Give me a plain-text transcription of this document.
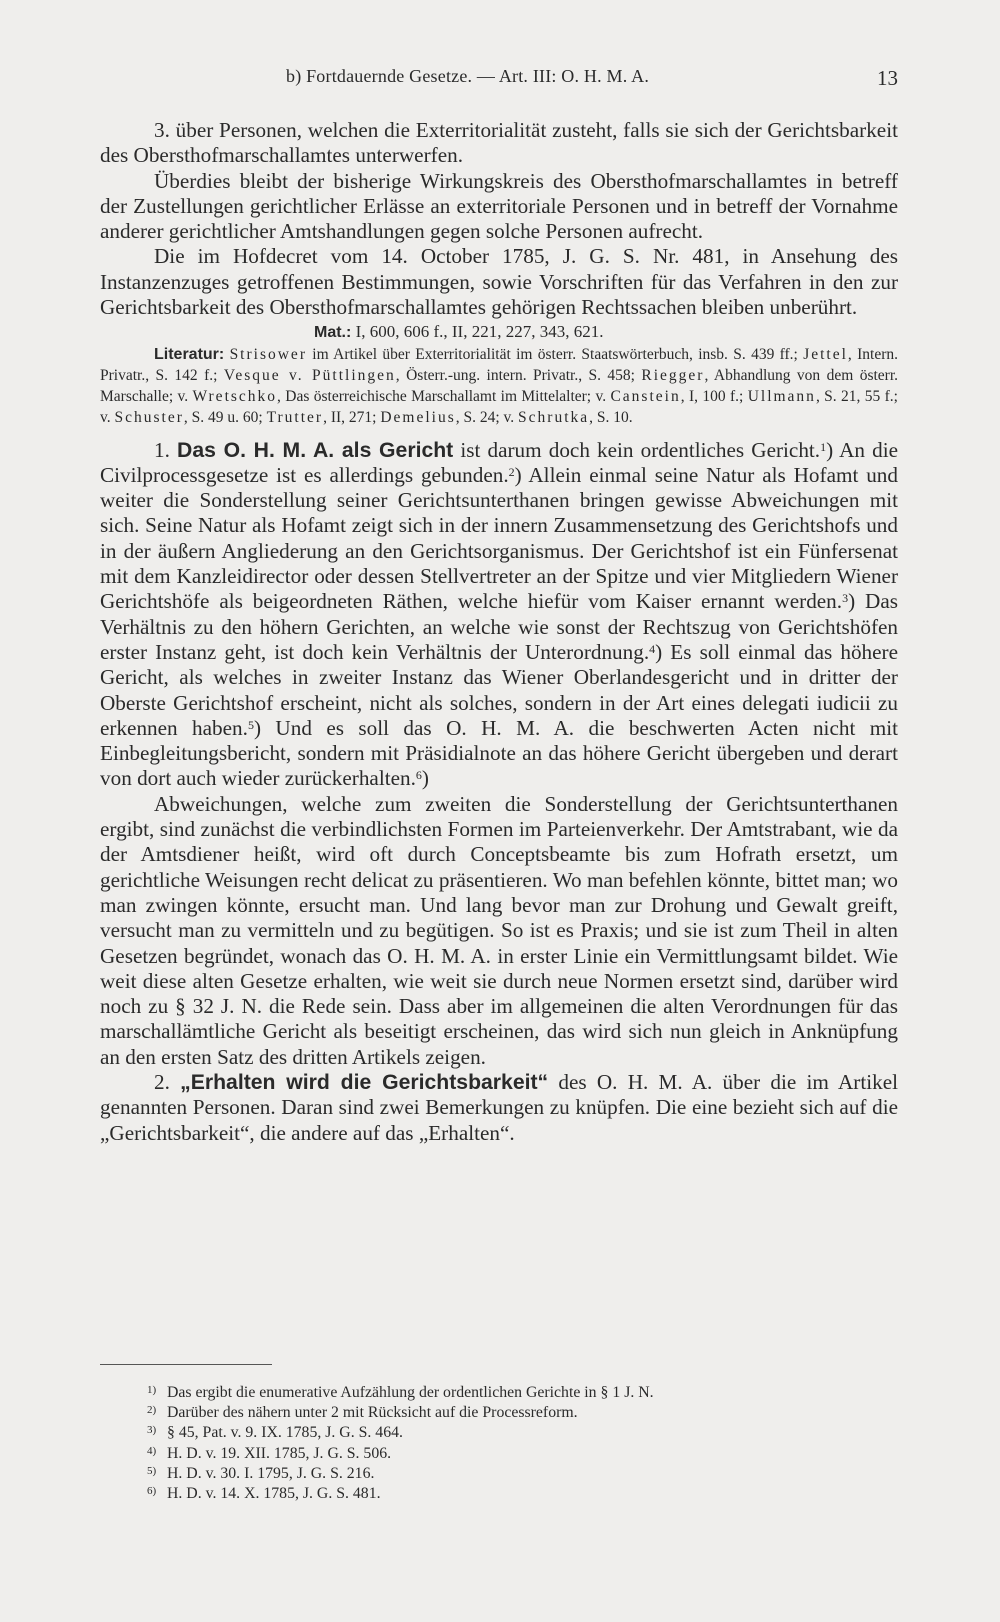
b) Fortdauernde Gesetze. — Art. III: O. H. M. A.	13

3. über Personen, welchen die Exterritorialität zusteht, falls sie sich der Gerichtsbarkeit des Obersthofmarschallamtes unterwerfen.

Überdies bleibt der bisherige Wirkungskreis des Obersthofmarschallamtes in betreff der Zustellungen gerichtlicher Erlässe an exterritoriale Personen und in betreff der Vornahme anderer gerichtlicher Amtshandlungen gegen solche Personen aufrecht.

Die im Hofdecret vom 14. October 1785, J. G. S. Nr. 481, in Ansehung des Instanzenzuges getroffenen Bestimmungen, sowie Vorschriften für das Verfahren in den zur Gerichtsbarkeit des Obersthofmarschallamtes gehörigen Rechtssachen bleiben unberührt.

Mat.: I, 600, 606 f., II, 221, 227, 343, 621.

Literatur: Strisower im Artikel über Exterritorialität im österr. Staatswörterbuch, insb. S. 439 ff.; Jettel, Intern. Privatr., S. 142 f.; Vesque v. Püttlingen, Österr.-ung. intern. Privatr., S. 458; Riegger, Abhandlung von dem österr. Marschalle; v. Wretschko, Das österreichische Marschallamt im Mittelalter; v. Canstein, I, 100 f.; Ullmann, S. 21, 55 f.; v. Schuster, S. 49 u. 60; Trutter, II, 271; Demelius, S. 24; v. Schrutka, S. 10.

1. Das O. H. M. A. als Gericht ist darum doch kein ordentliches Gericht.$^1$) An die Civilprocessgesetze ist es allerdings gebunden.$^2$) Allein einmal seine Natur als Hofamt und weiter die Sonderstellung seiner Gerichtsunterthanen bringen gewisse Abweichungen mit sich. Seine Natur als Hofamt zeigt sich in der innern Zusammensetzung des Gerichtshofs und in der äußern Angliederung an den Gerichtsorganismus. Der Gerichtshof ist ein Fünfersenat mit dem Kanzleidirector oder dessen Stellvertreter an der Spitze und vier Mitgliedern Wiener Gerichtshöfe als beigeordneten Räthen, welche hiefür vom Kaiser ernannt werden.$^3$) Das Verhältnis zu den höhern Gerichten, an welche wie sonst der Rechtszug von Gerichtshöfen erster Instanz geht, ist doch kein Verhältnis der Unterordnung.$^4$) Es soll einmal das höhere Gericht, als welches in zweiter Instanz das Wiener Oberlandesgericht und in dritter der Oberste Gerichtshof erscheint, nicht als solches, sondern in der Art eines delegati iudicii zu erkennen haben.$^5$) Und es soll das O. H. M. A. die beschwerten Acten nicht mit Einbegleitungsbericht, sondern mit Präsidialnote an das höhere Gericht übergeben und derart von dort auch wieder zurückerhalten.$^6$)

Abweichungen, welche zum zweiten die Sonderstellung der Gerichtsunterthanen ergibt, sind zunächst die verbindlichsten Formen im Parteienverkehr. Der Amtstrabant, wie da der Amtsdiener heißt, wird oft durch Conceptsbeamte bis zum Hofrath ersetzt, um gerichtliche Weisungen recht delicat zu präsentieren. Wo man befehlen könnte, bittet man; wo man zwingen könnte, ersucht man. Und lang bevor man zur Drohung und Gewalt greift, versucht man zu vermitteln und zu begütigen. So ist es Praxis; und sie ist zum Theil in alten Gesetzen begründet, wonach das O. H. M. A. in erster Linie ein Vermittlungsamt bildet. Wie weit diese alten Gesetze erhalten, wie weit sie durch neue Normen ersetzt sind, darüber wird noch zu § 32 J. N. die Rede sein. Dass aber im allgemeinen die alten Verordnungen für das marschallämtliche Gericht als beseitigt erscheinen, das wird sich nun gleich in Anknüpfung an den ersten Satz des dritten Artikels zeigen.

2. „Erhalten wird die Gerichtsbarkeit“ des O. H. M. A. über die im Artikel genannten Personen. Daran sind zwei Bemerkungen zu knüpfen. Die eine bezieht sich auf die „Gerichtsbarkeit“, die andere auf das „Erhalten“.

1) Das ergibt die enumerative Aufzählung der ordentlichen Gerichte in § 1 J. N.
2) Darüber des nähern unter 2 mit Rücksicht auf die Processreform.
3) § 45, Pat. v. 9. IX. 1785, J. G. S. 464.
4) H. D. v. 19. XII. 1785, J. G. S. 506.
5) H. D. v. 30. I. 1795, J. G. S. 216.
6) H. D. v. 14. X. 1785, J. G. S. 481.
